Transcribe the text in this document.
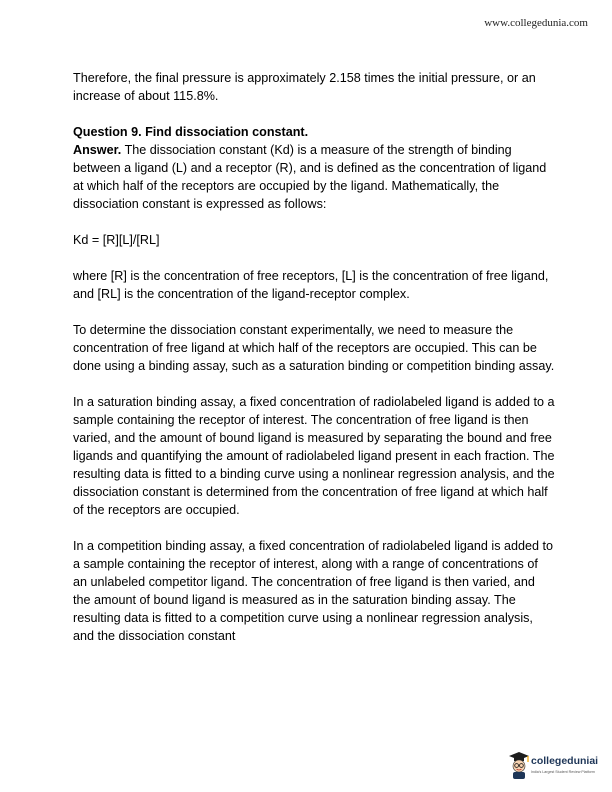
www.collegedunia.com

Therefore, the final pressure is approximately 2.158 times the initial pressure, or an increase of about 115.8%.

Question 9. Find dissociation constant.

Answer. The dissociation constant (Kd) is a measure of the strength of binding between a ligand (L) and a receptor (R), and is defined as the concentration of ligand at which half of the receptors are occupied by the ligand. Mathematically, the dissociation constant is expressed as follows:

Kd = [R][L]/[RL]

where [R] is the concentration of free receptors, [L] is the concentration of free ligand, and [RL] is the concentration of the ligand-receptor complex.

To determine the dissociation constant experimentally, we need to measure the concentration of free ligand at which half of the receptors are occupied. This can be done using a binding assay, such as a saturation binding or competition binding assay.

In a saturation binding assay, a fixed concentration of radiolabeled ligand is added to a sample containing the receptor of interest. The concentration of free ligand is then varied, and the amount of bound ligand is measured by separating the bound and free ligands and quantifying the amount of radiolabeled ligand present in each fraction. The resulting data is fitted to a binding curve using a nonlinear regression analysis, and the dissociation constant is determined from the concentration of free ligand at which half of the receptors are occupied.

In a competition binding assay, a fixed concentration of radiolabeled ligand is added to a sample containing the receptor of interest, along with a range of concentrations of an unlabeled competitor ligand. The concentration of free ligand is then varied, and the amount of bound ligand is measured as in the saturation binding assay. The resulting data is fitted to a competition curve using a nonlinear regression analysis, and the dissociation constant

collegeduniai
India's Largest Student Review Platform
